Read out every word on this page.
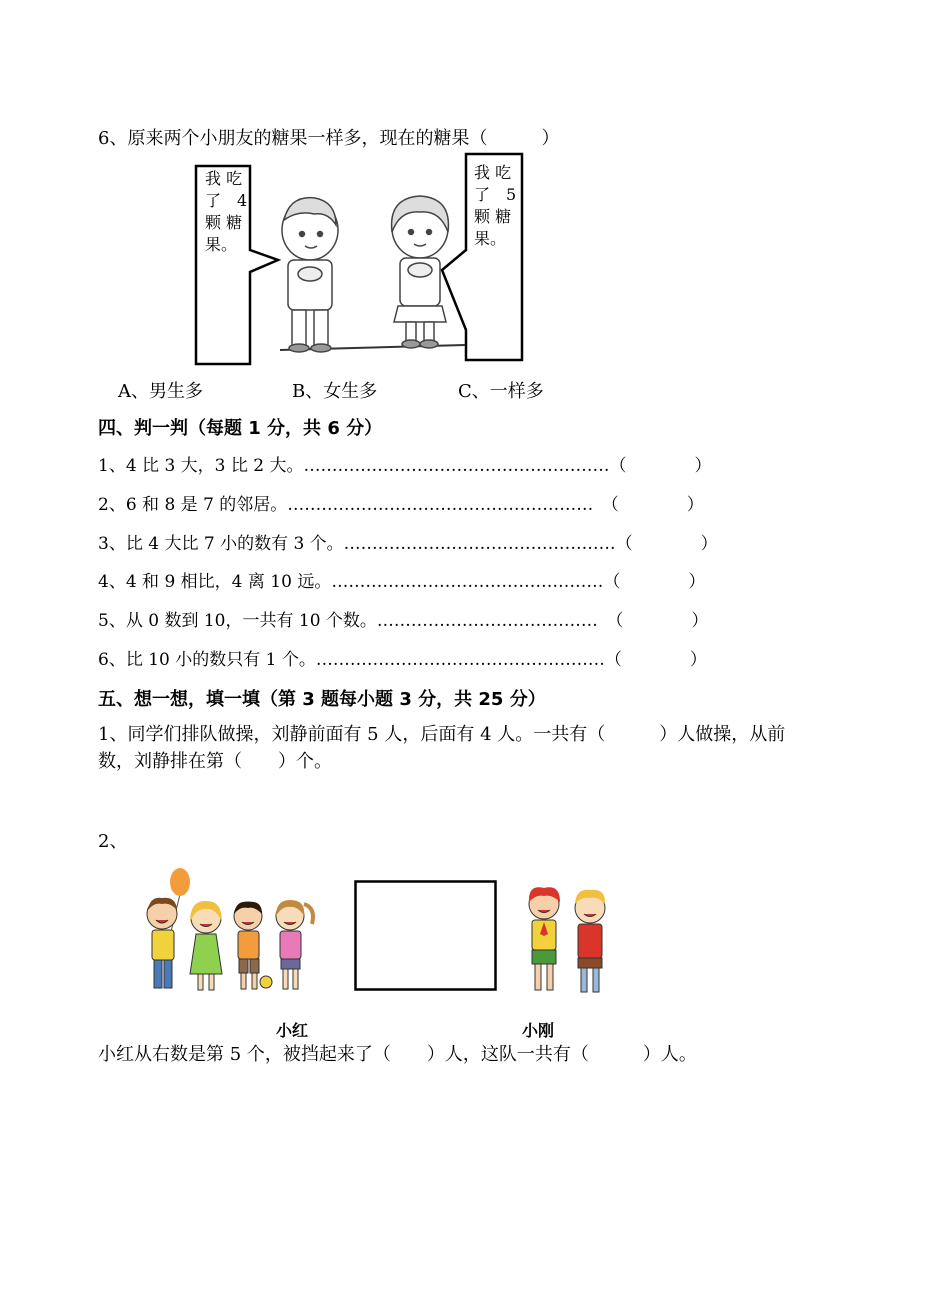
6、原来两个小朋友的糖果一样多，现在的糖果（　　　）
我 吃
了　4
颗 糖
果。
我 吃
了　5
颗 糖
果。
A、男生多	B、女生多	C、一样多
四、判一判（每题 1 分，共 6 分）
1、4 比 3 大，3 比 2 大。………………………………………………（　　　　）
2、6 和 8 是 7 的邻居。………………………………………………　（　　　　）
3、比 4 大比 7 小的数有 3 个。…………………………………………（　　　　）
4、4 和 9 相比，4 离 10 远。…………………………………………（　　　　）
5、从 0 数到 10，一共有 10 个数。…………………………………　（　　　　）
6、比 10 小的数只有 1 个。……………………………………………（　　　　）
五、想一想，填一填（第 3 题每小题 3 分，共 25 分）
1、同学们排队做操，刘静前面有 5 人，后面有 4 人。一共有（　　　）人做操，从前
数，刘静排在第（　　）个。
2、
小红	小刚
小红从右数是第 5 个，被挡起来了（　　）人，这队一共有（　　　）人。
